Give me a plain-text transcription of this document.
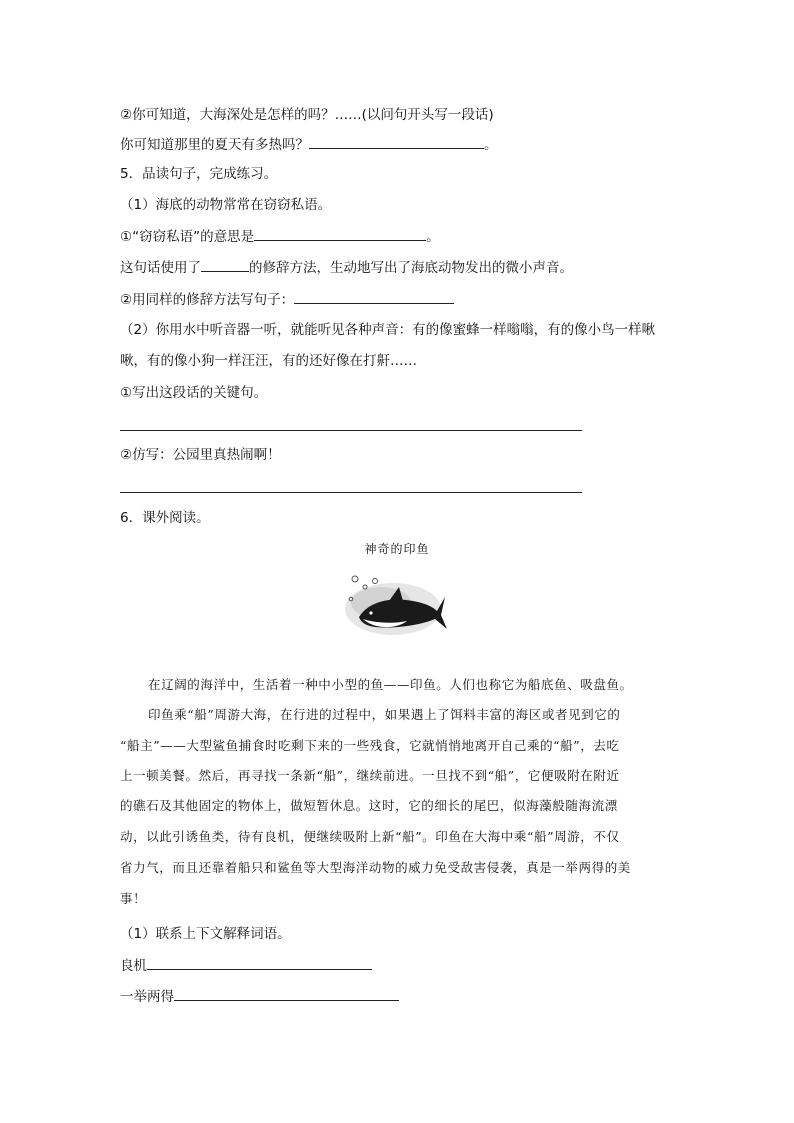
②你可知道，大海深处是怎样的吗？……(以问句开头写一段话)
你可知道那里的夏天有多热吗？	。
5．品读句子，完成练习。
（1）海底的动物常常在窃窃私语。
①“窃窃私语”的意思是	。
这句话使用了	的修辞方法，生动地写出了海底动物发出的微小声音。
②用同样的修辞方法写句子：
（2）你用水中听音器一听，就能听见各种声音：有的像蜜蜂一样嗡嗡，有的像小鸟一样啾
啾，有的像小狗一样汪汪，有的还好像在打鼾……
①写出这段话的关键句。
②仿写：公园里真热闹啊！
6．课外阅读。
神奇的印鱼
在辽阔的海洋中，生活着一种中小型的鱼——印鱼。人们也称它为船底鱼、吸盘鱼。
印鱼乘“船”周游大海，在行进的过程中，如果遇上了饵料丰富的海区或者见到它的
“船主”——大型鲨鱼捕食时吃剩下来的一些残食，它就悄悄地离开自己乘的“船”，去吃
上一顿美餐。然后，再寻找一条新“船”，继续前进。一旦找不到“船”，它便吸附在附近
的礁石及其他固定的物体上，做短暂休息。这时，它的细长的尾巴，似海藻般随海流漂
动，以此引诱鱼类，待有良机，便继续吸附上新“船”。印鱼在大海中乘“船”周游，不仅
省力气，而且还靠着船只和鲨鱼等大型海洋动物的威力免受敌害侵袭，真是一举两得的美
事！
（1）联系上下文解释词语。
良机
一举两得
